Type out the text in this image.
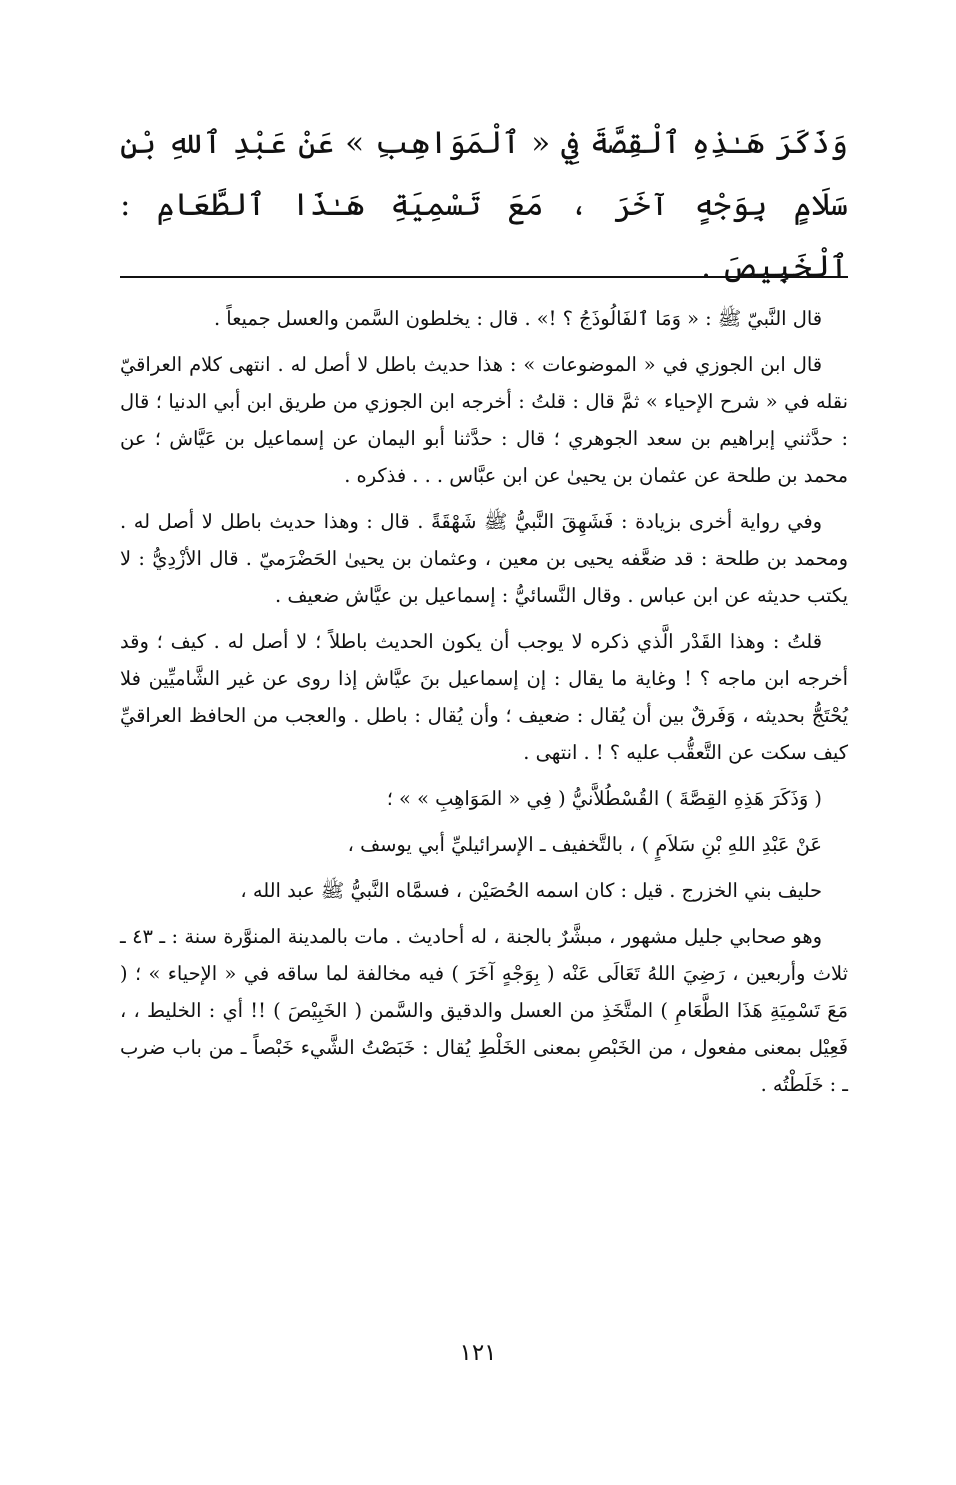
وَذَكَرَ هَـٰذِهِ ٱلْقِصَّةَ فِي « ٱلْمَوَاهِبِ » عَنْ عَبْدِ ٱللهِ بْنِ سَلَامٍ بِوَجْهٍ آخَرَ ، مَعَ تَسْمِيَةِ هَـٰذَا ٱلطَّعَامِ : ٱلْخَبِيصَ .

قال النَّبيّ ﷺ : « وَمَا ٱلفَالُوذَجُ ؟ !» . قال : يخلطون السَّمن والعسل جميعاً .

قال ابن الجوزي في « الموضوعات » : هذا حديث باطل لا أصل له . انتهى كلام العراقيّ نقله في « شرح الإحياء » ثمَّ قال : قلتُ : أخرجه ابن الجوزي من طريق ابن أبي الدنيا ؛ قال : حدَّثني إبراهيم بن سعد الجوهري ؛ قال : حدَّثنا أبو اليمان عن إسماعيل بن عَيَّاش ؛ عن محمد بن طلحة عن عثمان بن يحيىٰ عن ابن عبَّاس . . . فذكره .

وفي رواية أخرى بزيادة : فَشَهِقَ النَّبيُّ ﷺ شَهْقَةً . قال : وهذا حديث باطل لا أصل له . ومحمد بن طلحة : قد ضعَّفه يحيى بن معين ، وعثمان بن يحيىٰ الحَضْرَميّ . قال الأزْدِيُّ : لا يكتب حديثه عن ابن عباس . وقال النَّسائيُّ : إسماعيل بن عيَّاش ضعيف .

قلتُ : وهذا القَدْر الَّذي ذكره لا يوجب أن يكون الحديث باطلاً ؛ لا أصل له . كيف ؛ وقد أخرجه ابن ماجه ؟ ! وغاية ما يقال : إن إسماعيل بنَ عيَّاش إذا روى عن غير الشَّاميِّين فلا يُحْتَجُّ بحديثه ، وَفَرقٌ بين أن يُقال : ضعيف ؛ وأن يُقال : باطل . والعجب من الحافظ العراقيِّ كيف سكت عن التَّعقُّب عليه ؟ ! . انتهى .

( وَذَكَرَ هَذِهِ القِصَّةَ ) القُسْطُلاَّنيُّ ( فِي « المَوَاهِبِ » » ؛

عَنْ عَبْدِ اللهِ بْنِ سَلاَمٍ ) ، بالتَّخفيف ـ الإسرائيليِّ أبي يوسف ،

حليف بني الخزرج . قيل : كان اسمه الحُصَيْن ، فسمَّاه النَّبيُّ ﷺ عبد الله ،

وهو صحابي جليل مشهور ، مبشَّرٌ بالجنة ، له أحاديث . مات بالمدينة المنوَّرة سنة : ـ ٤٣ ـ ثلاث وأربعين ، رَضِيَ اللهُ تَعَالَى عَنْه ( بِوَجْهٍ آخَرَ ) فيه مخالفة لما ساقه في « الإحياء » ؛ ( مَعَ تَسْمِيَةِ هَذَا الطَّعَامِ ) المتَّخَذِ من العسل والدقيق والسَّمن ( الخَبِيْصَ ) !! أي : الخليط ، ، فَعِيْل بمعنى مفعول ، من الخَبْصِ بمعنى الخَلْطِ يُقال : خَبَصْتُ الشَّيء خَبْصاً ـ من باب ضرب ـ : خَلَطْتُه .

١٢١
